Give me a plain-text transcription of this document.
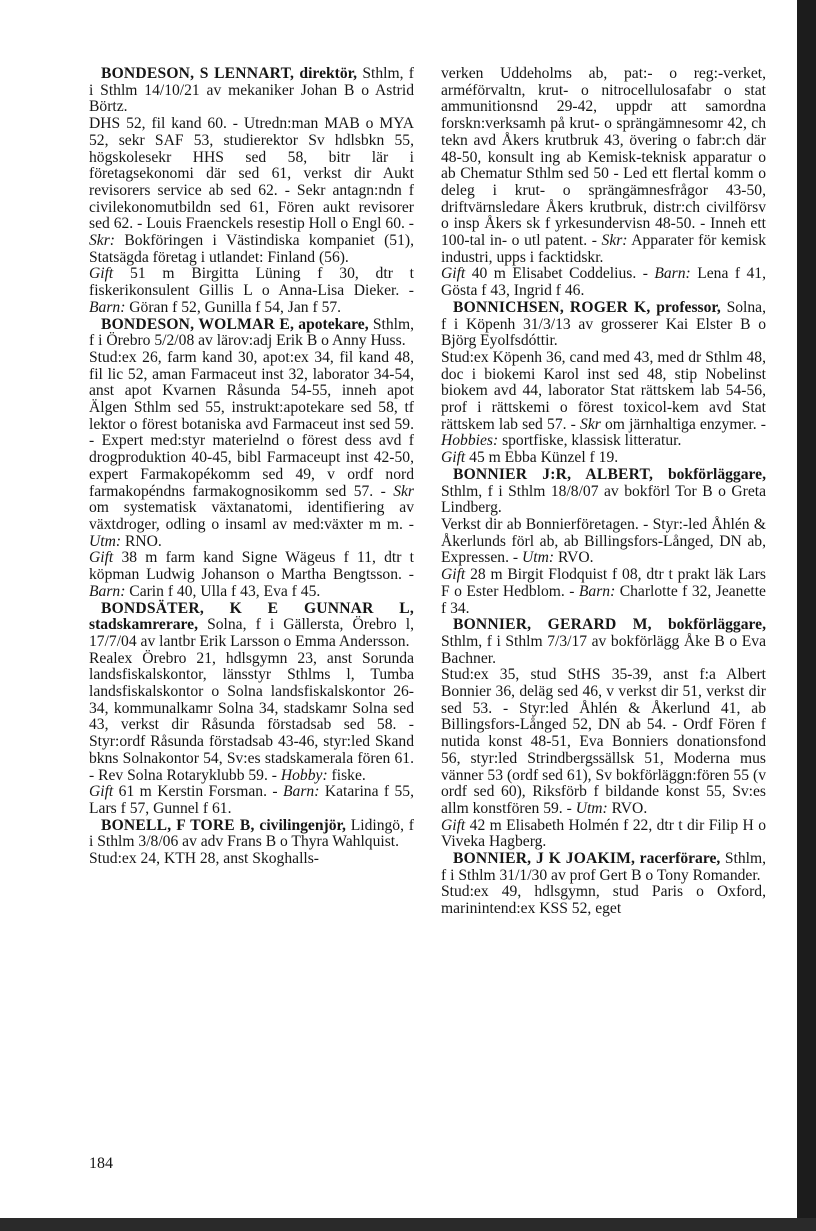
BONDESON, S LENNART, direktör, Sthlm, f i Sthlm 14/10/21 av mekaniker Johan B o Astrid Börtz.
DHS 52, fil kand 60. - Utredn:man MAB o MYA 52, sekr SAF 53, studierektor Sv hdlsbkn 55, högskolesekr HHS sed 58, bitr lär i företagsekonomi där sed 61, verkst dir Aukt revisorers service ab sed 62. - Sekr antagn:ndn f civilekonomutbildn sed 61, Fören aukt revisorer sed 62. - Louis Fraenckels resestip Holl o Engl 60. - Skr: Bokföringen i Västindiska kompaniet (51), Statsägda företag i utlandet: Finland (56).

Gift 51 m Birgitta Lüning f 30, dtr t fiskerikonsulent Gillis L o Anna-Lisa Dieker. - Barn: Göran f 52, Gunilla f 54, Jan f 57.

BONDESON, WOLMAR E, apotekare, Sthlm, f i Örebro 5/2/08 av lärov:adj Erik B o Anny Huss.
Stud:ex 26, farm kand 30, apot:ex 34, fil kand 48, fil lic 52, aman Farmaceut inst 32, laborator 34-54, anst apot Kvarnen Råsunda 54-55, inneh apot Älgen Sthlm sed 55, instrukt:apotekare sed 58, tf lektor o förest botaniska avd Farmaceut inst sed 59. - Expert med:styr materielnd o förest dess avd f drogproduktion 40-45, bibl Farmaceupt inst 42-50, expert Farmakopékomm sed 49, v ordf nord farmakopéndns farmakognosikomm sed 57. - Skr om systematisk växtanatomi, identifiering av växtdroger, odling o insaml av med:växter m m. - Utm: RNO.

Gift 38 m farm kand Signe Wägeus f 11, dtr t köpman Ludwig Johanson o Martha Bengtsson. - Barn: Carin f 40, Ulla f 43, Eva f 45.

BONDSÄTER, K E GUNNAR L, stadskamrerare, Solna, f i Gällersta, Örebro l, 17/7/04 av lantbr Erik Larsson o Emma Andersson.
Realex Örebro 21, hdlsgymn 23, anst Sorunda landsfiskalskontor, länsstyr Sthlms l, Tumba landsfiskalskontor o Solna landsfiskalskontor 26-34, kommunalkamr Solna 34, stadskamr Solna sed 43, verkst dir Råsunda förstadsab sed 58. - Styr:ordf Råsunda förstadsab 43-46, styr:led Skand bkns Solnakontor 54, Sv:es stadskamerala fören 61. - Rev Solna Rotaryklubb 59. - Hobby: fiske.

Gift 61 m Kerstin Forsman. - Barn: Katarina f 55, Lars f 57, Gunnel f 61.

BONELL, F TORE B, civilingenjör, Lidingö, f i Sthlm 3/8/06 av adv Frans B o Thyra Wahlquist.
Stud:ex 24, KTH 28, anst Skoghalls-

verken Uddeholms ab, pat:- o reg:-verket, arméförvaltn, krut- o nitrocellulosafabr o stat ammunitionsnd 29-42, uppdr att samordna forskn:verksamh på krut- o sprängämnesomr 42, ch tekn avd Åkers krutbruk 43, övering o fabr:ch där 48-50, konsult ing ab Kemisk-teknisk apparatur o ab Chematur Sthlm sed 50 - Led ett flertal komm o deleg i krut- o sprängämnesfrågor 43-50, driftvärnsledare Åkers krutbruk, distr:ch civilförsv o insp Åkers sk f yrkesundervisn 48-50. - Inneh ett 100-tal in- o utl patent. - Skr: Apparater för kemisk industri, upps i facktidskr.

Gift 40 m Elisabet Coddelius. - Barn: Lena f 41, Gösta f 43, Ingrid f 46.

BONNICHSEN, ROGER K, professor, Solna, f i Köpenh 31/3/13 av grosserer Kai Elster B o Björg Eyolfsdóttir.
Stud:ex Köpenh 36, cand med 43, med dr Sthlm 48, doc i biokemi Karol inst sed 48, stip Nobelinst biokem avd 44, laborator Stat rättskem lab 54-56, prof i rättskemi o förest toxicol-kem avd Stat rättskem lab sed 57. - Skr om järnhaltiga enzymer. - Hobbies: sportfiske, klassisk litteratur.

Gift 45 m Ebba Künzel f 19.

BONNIER J:R, ALBERT, bokförläggare, Sthlm, f i Sthlm 18/8/07 av bokförl Tor B o Greta Lindberg.
Verkst dir ab Bonnierföretagen. - Styr:-led Åhlén & Åkerlunds förl ab, ab Billingsfors-Långed, DN ab, Expressen. - Utm: RVO.

Gift 28 m Birgit Flodquist f 08, dtr t prakt läk Lars F o Ester Hedblom. - Barn: Charlotte f 32, Jeanette f 34.

BONNIER, GERARD M, bokförläggare, Sthlm, f i Sthlm 7/3/17 av bokförlägg Åke B o Eva Bachner.
Stud:ex 35, stud StHS 35-39, anst f:a Albert Bonnier 36, deläg sed 46, v verkst dir 51, verkst dir sed 53. - Styr:led Åhlén & Åkerlund 41, ab Billingsfors-Långed 52, DN ab 54. - Ordf Fören f nutida konst 48-51, Eva Bonniers donationsfond 56, styr:led Strindbergssällsk 51, Moderna mus vänner 53 (ordf sed 61), Sv bokförläggn:fören 55 (v ordf sed 60), Riksförb f bildande konst 55, Sv:es allm konstfören 59. - Utm: RVO.

Gift 42 m Elisabeth Holmén f 22, dtr t dir Filip H o Viveka Hagberg.

BONNIER, J K JOAKIM, racerförare, Sthlm, f i Sthlm 31/1/30 av prof Gert B o Tony Romander.
Stud:ex 49, hdlsgymn, stud Paris o Oxford, marinintend:ex KSS 52, eget

184
